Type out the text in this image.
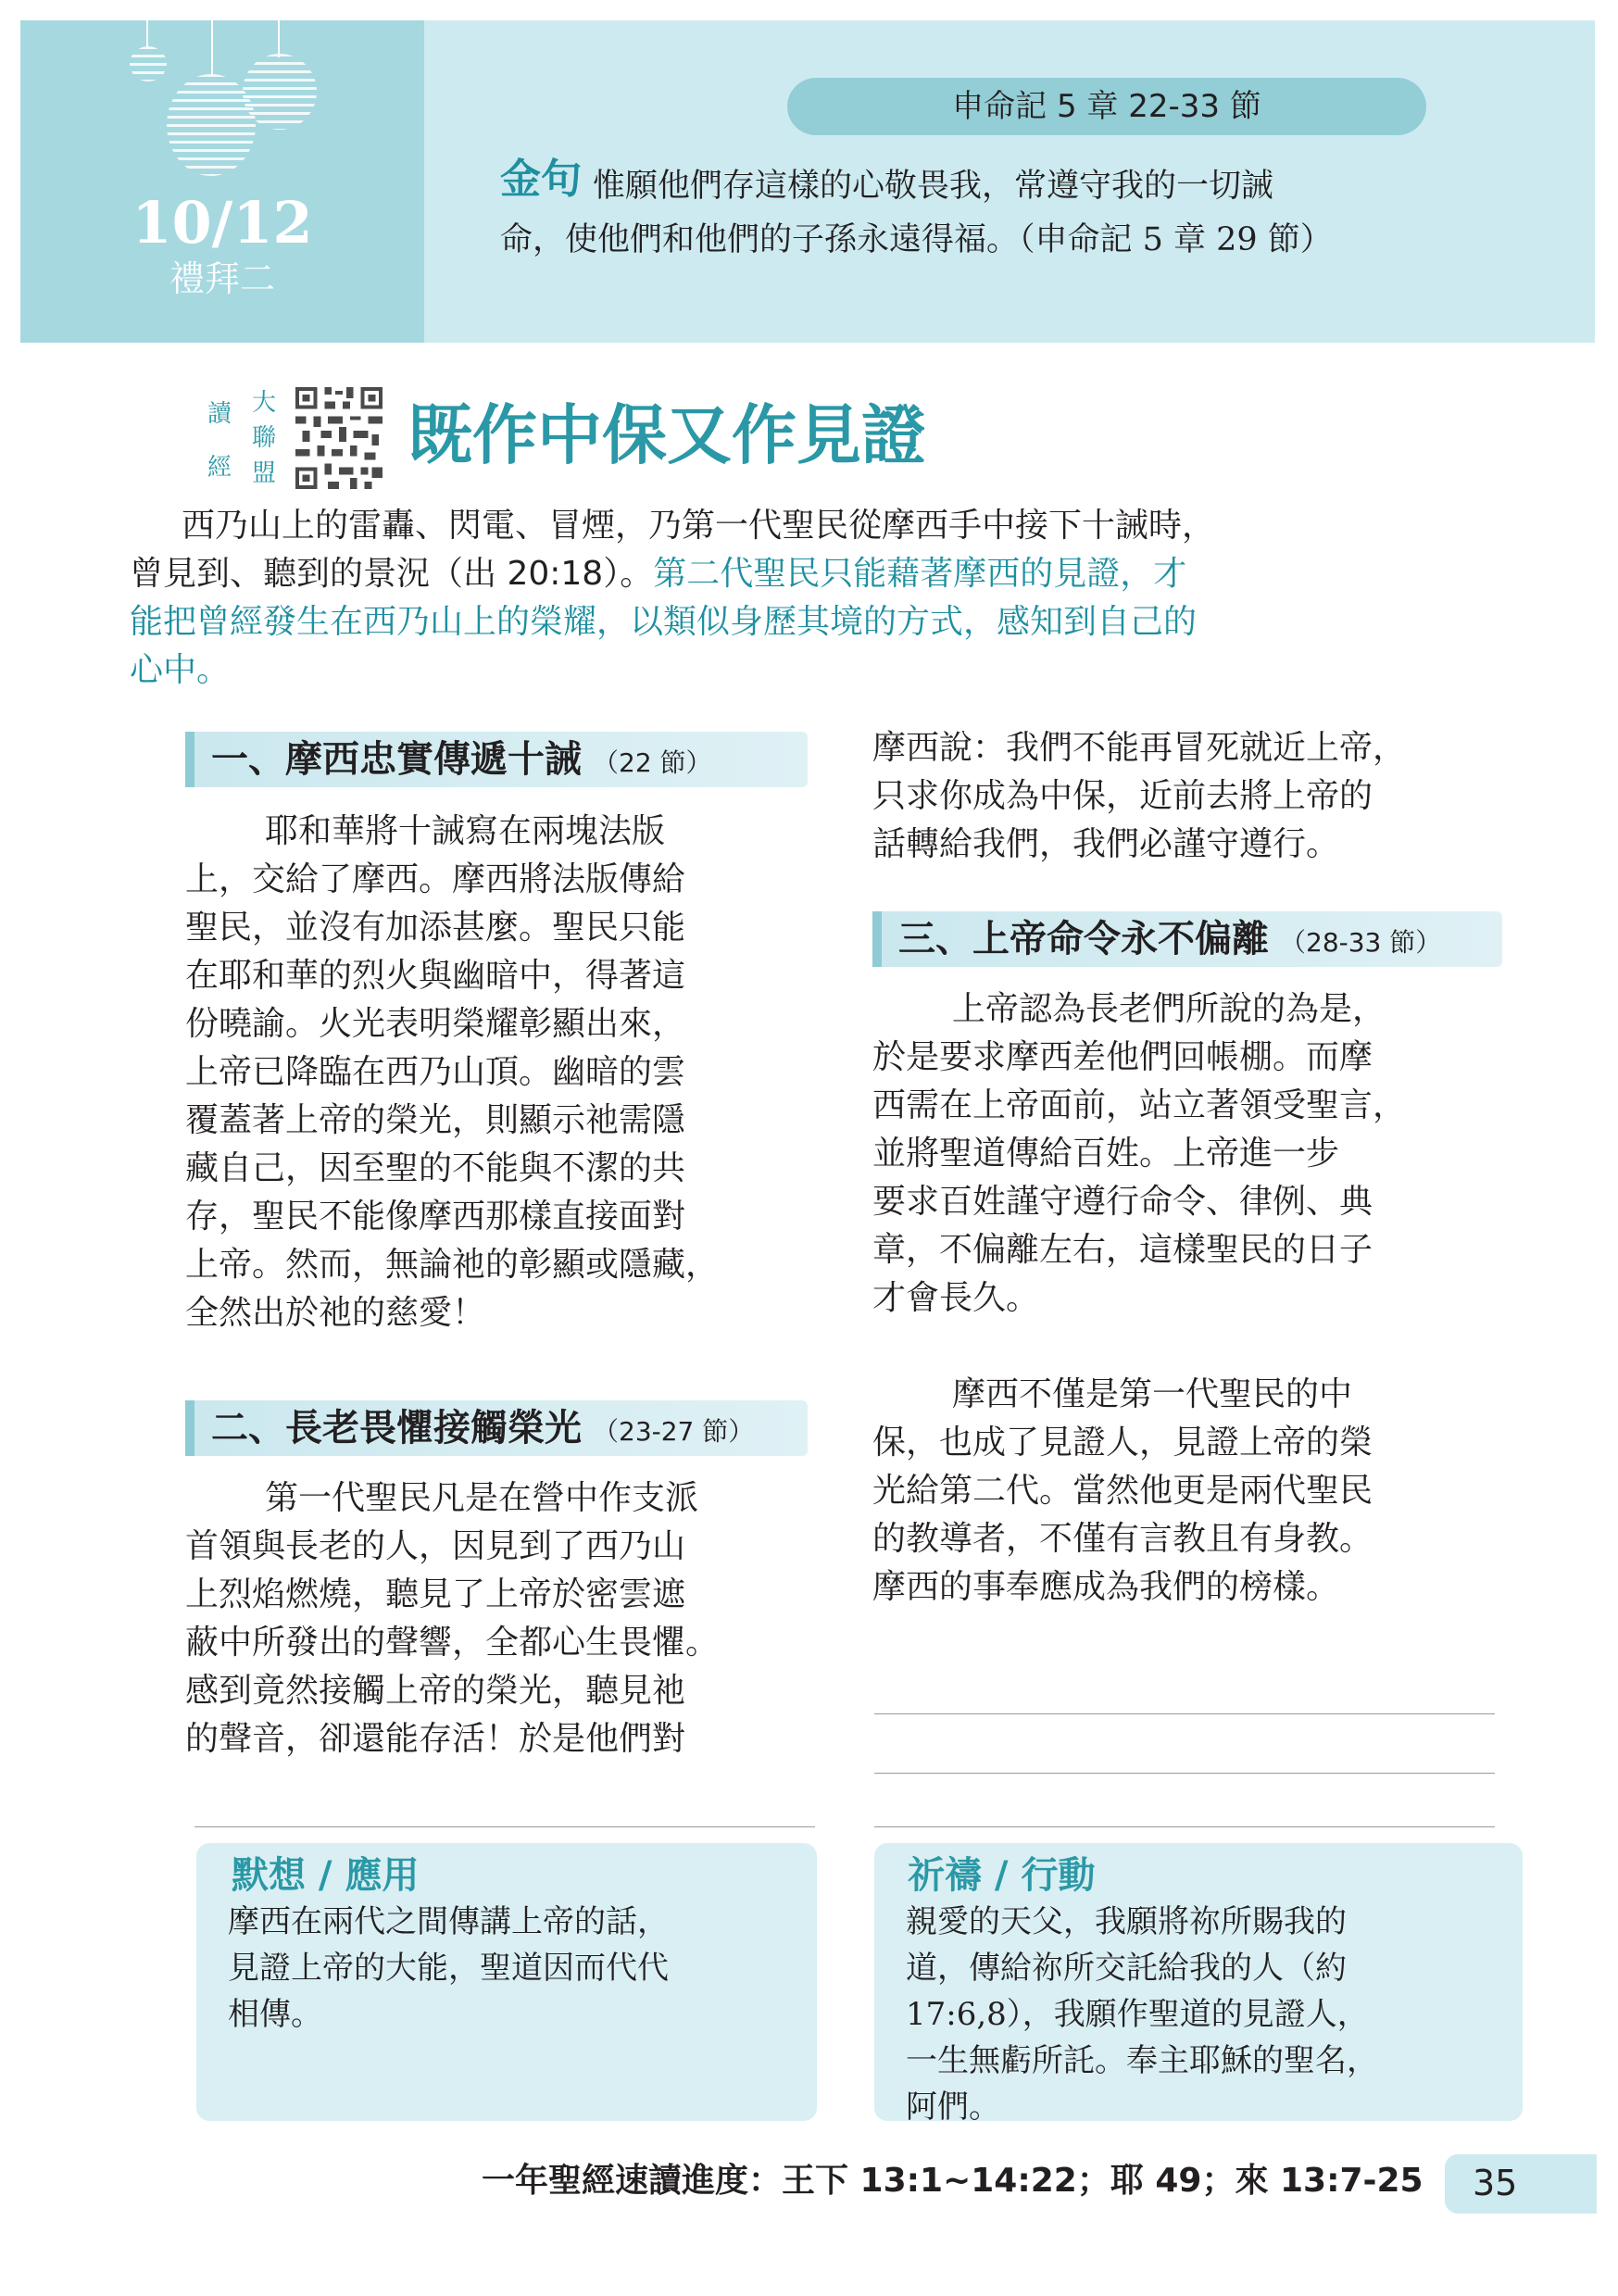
10/12
禮拜二
申命記 5 章 22-33 節
金句 惟願他們存這樣的心敬畏我，常遵守我的一切誡
命，使他們和他們的子孫永遠得福。（申命記 5 章 29 節）
讀
經
大
聯
盟 既作中保又作見證
西乃山上的雷轟、閃電、冒煙，乃第一代聖民從摩西手中接下十誡時，
曾見到、聽到的景況（出 20:18）。第二代聖民只能藉著摩西的見證，才
能把曾經發生在西乃山上的榮耀，以類似身歷其境的方式，感知到自己的
心中。
一、摩西忠實傳遞十誡 （22 節）
耶和華將十誡寫在兩塊法版
上，交給了摩西。摩西將法版傳給
聖民，並沒有加添甚麼。聖民只能
在耶和華的烈火與幽暗中，得著這
份曉諭。火光表明榮耀彰顯出來，
上帝已降臨在西乃山頂。幽暗的雲
覆蓋著上帝的榮光，則顯示祂需隱
藏自己，因至聖的不能與不潔的共
存，聖民不能像摩西那樣直接面對
上帝。然而，無論祂的彰顯或隱藏，
全然出於祂的慈愛！
二、長老畏懼接觸榮光 （23-27 節）
第一代聖民凡是在營中作支派
首領與長老的人，因見到了西乃山
上烈焰燃燒，聽見了上帝於密雲遮
蔽中所發出的聲響，全都心生畏懼。
感到竟然接觸上帝的榮光，聽見祂
的聲音，卻還能存活！於是他們對
摩西說：我們不能再冒死就近上帝，
只求你成為中保，近前去將上帝的
話轉給我們，我們必謹守遵行。
三、上帝命令永不偏離 （28-33 節）
上帝認為長老們所說的為是，
於是要求摩西差他們回帳棚。而摩
西需在上帝面前，站立著領受聖言，
並將聖道傳給百姓。上帝進一步
要求百姓謹守遵行命令、律例、典
章，不偏離左右，這樣聖民的日子
才會長久。
摩西不僅是第一代聖民的中
保，也成了見證人，見證上帝的榮
光給第二代。當然他更是兩代聖民
的教導者，不僅有言教且有身教。
摩西的事奉應成為我們的榜樣。
默想 / 應用
摩西在兩代之間傳講上帝的話，
見證上帝的大能，聖道因而代代
相傳。
祈禱 / 行動
親愛的天父，我願將祢所賜我的
道，傳給祢所交託給我的人（約
17:6,8），我願作聖道的見證人，
一生無虧所託。奉主耶穌的聖名，
阿們。
一年聖經速讀進度：王下 13:1~14:22；耶 49；來 13:7-25 35
